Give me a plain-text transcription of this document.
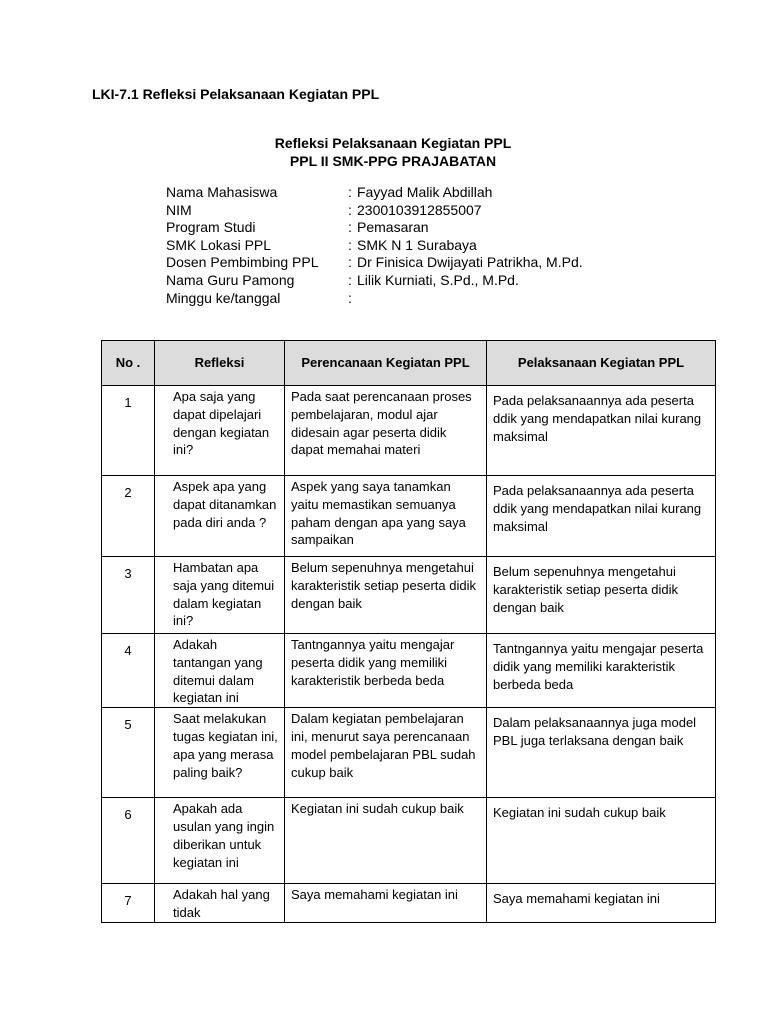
LKI-7.1 Refleksi Pelaksanaan Kegiatan PPL
Refleksi Pelaksanaan Kegiatan PPL
PPL II SMK-PPG PRAJABATAN
Nama Mahasiswa	: Fayyad Malik Abdillah
NIM	: 2300103912855007
Program Studi	: Pemasaran
SMK Lokasi PPL	: SMK N 1 Surabaya
Dosen Pembimbing PPL	: Dr Finisica Dwijayati Patrikha, M.Pd.
Nama Guru Pamong	: Lilik Kurniati, S.Pd., M.Pd.
Minggu ke/tanggal	:
No .	Refleksi	Perencanaan Kegiatan PPL	Pelaksanaan Kegiatan PPL
1	Apa saja yang dapat dipelajari dengan kegiatan ini?	Pada saat perencanaan proses pembelajaran, modul ajar didesain agar peserta didik dapat memahai materi	Pada pelaksanaannya ada peserta ddik yang mendapatkan nilai kurang maksimal
2	Aspek apa yang dapat ditanamkan pada diri anda ?	Aspek yang saya tanamkan yaitu memastikan semuanya paham dengan apa yang saya sampaikan	Pada pelaksanaannya ada peserta ddik yang mendapatkan nilai kurang maksimal
3	Hambatan apa saja yang ditemui dalam kegiatan ini?	Belum sepenuhnya mengetahui karakteristik setiap peserta didik dengan baik	Belum sepenuhnya mengetahui karakteristik setiap peserta didik dengan baik
4	Adakah tantangan yang ditemui dalam kegiatan ini	Tantngannya yaitu mengajar peserta didik yang memiliki karakteristik berbeda beda	Tantngannya yaitu mengajar peserta didik yang memiliki karakteristik berbeda beda
5	Saat melakukan tugas kegiatan ini, apa yang merasa paling baik?	Dalam kegiatan pembelajaran ini, menurut saya perencanaan model pembelajaran PBL sudah cukup baik	Dalam pelaksanaannya juga model PBL juga terlaksana dengan baik
6	Apakah ada usulan yang ingin diberikan untuk kegiatan ini	Kegiatan ini sudah cukup baik	Kegiatan ini sudah cukup baik
7	Adakah hal yang tidak	Saya memahami kegiatan ini	Saya memahami kegiatan ini
